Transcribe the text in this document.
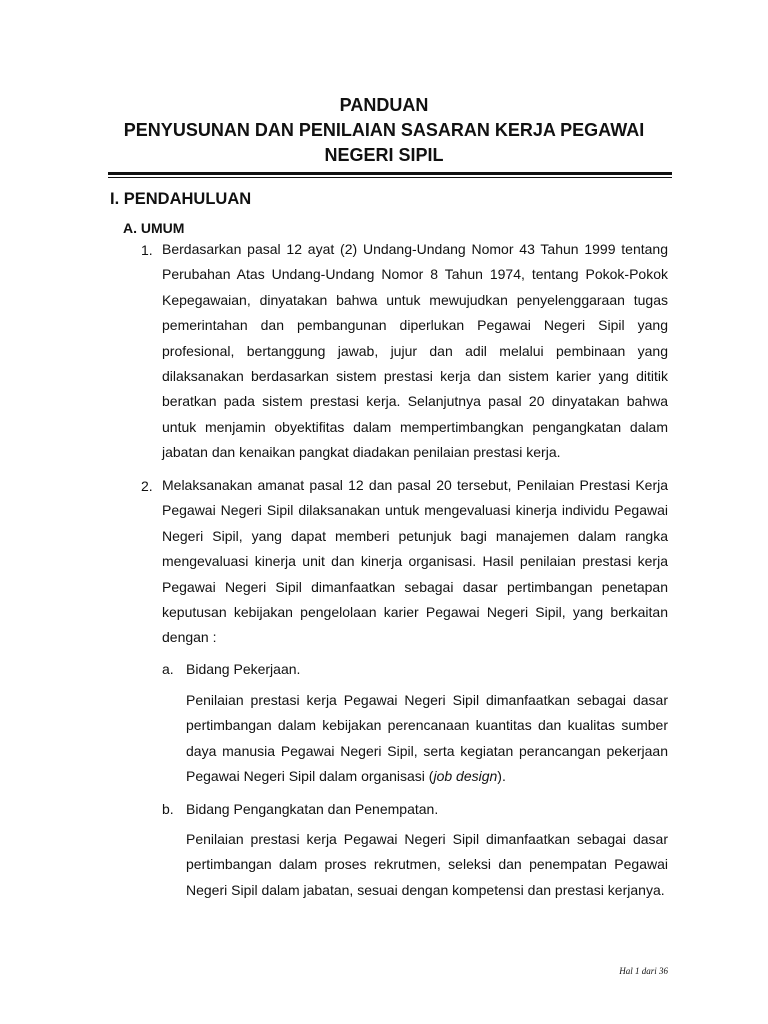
PANDUAN
PENYUSUNAN DAN PENILAIAN SASARAN KERJA PEGAWAI
NEGERI SIPIL
I. PENDAHULUAN
A. UMUM
1. Berdasarkan pasal 12 ayat (2) Undang-Undang Nomor 43 Tahun 1999 tentang Perubahan Atas Undang-Undang Nomor 8 Tahun 1974, tentang Pokok-Pokok Kepegawaian, dinyatakan bahwa untuk mewujudkan penyelenggaraan tugas pemerintahan dan pembangunan diperlukan Pegawai Negeri Sipil yang profesional, bertanggung jawab, jujur dan adil melalui pembinaan yang dilaksanakan berdasarkan sistem prestasi kerja dan sistem karier yang dititik beratkan pada sistem prestasi kerja. Selanjutnya pasal 20 dinyatakan bahwa untuk menjamin obyektifitas dalam mempertimbangkan pengangkatan dalam jabatan dan kenaikan pangkat diadakan penilaian prestasi kerja.
2. Melaksanakan amanat pasal 12 dan pasal 20 tersebut, Penilaian Prestasi Kerja Pegawai Negeri Sipil dilaksanakan untuk mengevaluasi kinerja individu Pegawai Negeri Sipil, yang dapat memberi petunjuk bagi manajemen dalam rangka mengevaluasi kinerja unit dan kinerja organisasi. Hasil penilaian prestasi kerja Pegawai Negeri Sipil dimanfaatkan sebagai dasar pertimbangan penetapan keputusan kebijakan pengelolaan karier Pegawai Negeri Sipil, yang berkaitan dengan :
a. Bidang Pekerjaan.
Penilaian prestasi kerja Pegawai Negeri Sipil dimanfaatkan sebagai dasar pertimbangan dalam kebijakan perencanaan kuantitas dan kualitas sumber daya manusia Pegawai Negeri Sipil, serta kegiatan perancangan pekerjaan Pegawai Negeri Sipil dalam organisasi (job design).
b. Bidang Pengangkatan dan Penempatan.
Penilaian prestasi kerja Pegawai Negeri Sipil dimanfaatkan sebagai dasar pertimbangan dalam proses rekrutmen, seleksi dan penempatan Pegawai Negeri Sipil dalam jabatan, sesuai dengan kompetensi dan prestasi kerjanya.
Hal 1 dari 36
